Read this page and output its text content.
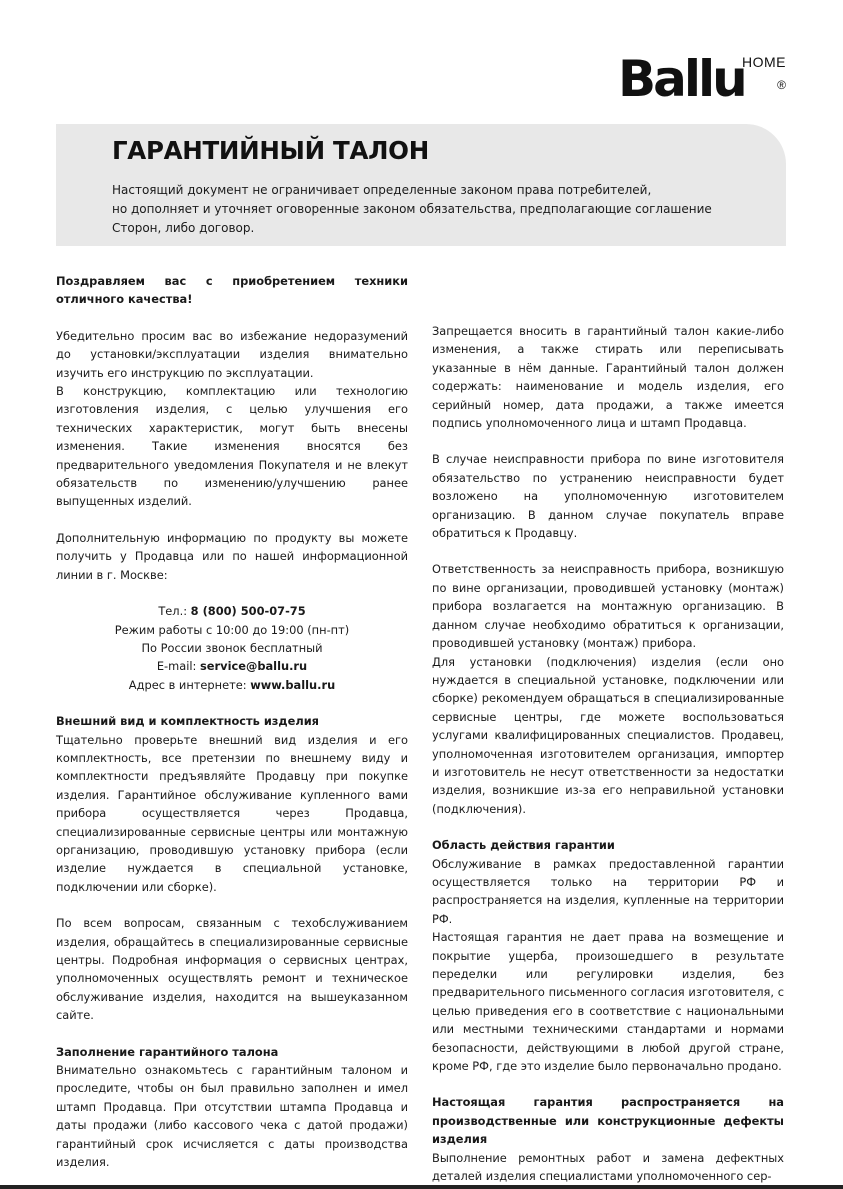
Ballu
HOME
®
ГАРАНТИЙНЫЙ ТАЛОН
Настоящий документ не ограничивает определенные законом права потребителей,
но дополняет и уточняет оговоренные законом обязательства, предполагающие соглашение
Сторон, либо договор.

Поздравляем вас с приобретением техники отличного качества!

Убедительно просим вас во избежание недоразумений до установки/эксплуатации изделия внимательно изучить его инструкцию по эксплуатации.

В конструкцию, комплектацию или технологию изготовления изделия, с целью улучшения его технических характеристик, могут быть внесены изменения. Такие изменения вносятся без предварительного уведомления Покупателя и не влекут обязательств по изменению/улучшению ранее выпущенных изделий.

Дополнительную информацию по продукту вы можете получить у Продавца или по нашей информационной линии в г. Москве:

Тел.: 8 (800) 500-07-75

Режим работы с 10:00 до 19:00 (пн-пт)

По России звонок бесплатный

E-mail: service@ballu.ru

Адрес в интернете: www.ballu.ru

Внешний вид и комплектность изделия

Тщательно проверьте внешний вид изделия и его комплектность, все претензии по внешнему виду и комплектности предъявляйте Продавцу при покупке изделия. Гарантийное обслуживание купленного вами прибора осуществляется через Продавца, специализированные сервисные центры или монтажную организацию, проводившую установку прибора (если изделие нуждается в специальной установке, подключении или сборке).

По всем вопросам, связанным с техобслуживанием изделия, обращайтесь в специализированные сервисные центры. Подробная информация о сервисных центрах, уполномоченных осуществлять ремонт и техническое обслуживание изделия, находится на вышеуказанном сайте.

Заполнение гарантийного талона

Внимательно ознакомьтесь с гарантийным талоном и проследите, чтобы он был правильно заполнен и имел штамп Продавца. При отсутствии штампа Продавца и даты продажи (либо кассового чека с датой продажи) гарантийный срок исчисляется с даты производства изделия.

Запрещается вносить в гарантийный талон какие-либо изменения, а также стирать или переписывать указанные в нём данные. Гарантийный талон должен содержать: наименование и модель изделия, его серийный номер, дата продажи, а также имеется подпись уполномоченного лица и штамп Продавца.

В случае неисправности прибора по вине изготовителя обязательство по устранению неисправности будет возложено на уполномоченную изготовителем организацию. В данном случае покупатель вправе обратиться к Продавцу.

Ответственность за неисправность прибора, возникшую по вине организации, проводившей установку (монтаж) прибора возлагается на монтажную организацию. В данном случае необходимо обратиться к организации, проводившей установку (монтаж) прибора.

Для установки (подключения) изделия (если оно нуждается в специальной установке, подключении или сборке) рекомендуем обращаться в специализированные сервисные центры, где можете воспользоваться услугами квалифицированных специалистов. Продавец, уполномоченная изготовителем организация, импортер и изготовитель не несут ответственности за недостатки изделия, возникшие из-за его неправильной установки (подключения).

Область действия гарантии

Обслуживание в рамках предоставленной гарантии осуществляется только на территории РФ и распространяется на изделия, купленные на территории РФ.

Настоящая гарантия не дает права на возмещение и покрытие ущерба, произошедшего в результате переделки или регулировки изделия, без предварительного письменного согласия изготовителя, с целью приведения его в соответствие с национальными или местными техническими стандартами и нормами безопасности, действующими в любой другой стране, кроме РФ, где это изделие было первоначально продано.

Настоящая гарантия распространяется на производственные или конструкционные дефекты изделия

Выполнение ремонтных работ и замена дефектных деталей изделия специалистами уполномоченного сер-
